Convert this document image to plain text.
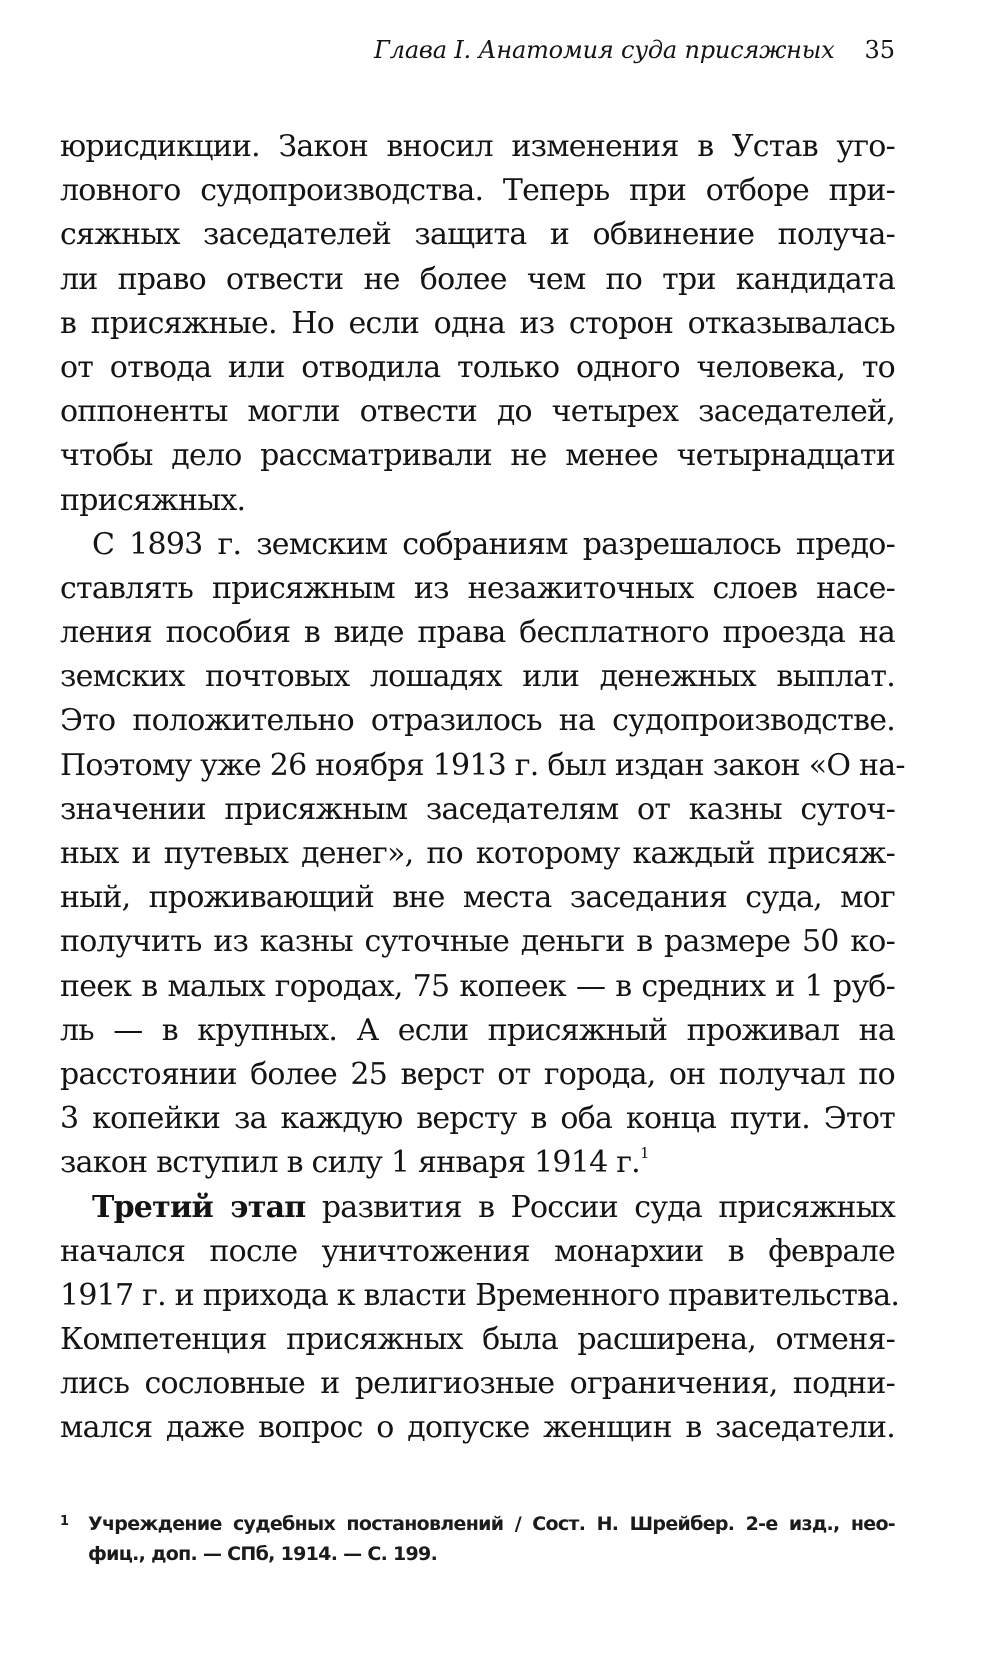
Глава I. Анатомия суда присяжных 35
юрисдикции. Закон вносил изменения в Устав уго-
ловного судопроизводства. Теперь при отборе при-
сяжных заседателей защита и обвинение получа-
ли право отвести не более чем по три кандидата
в присяжные. Но если одна из сторон отказывалась
от отвода или отводила только одного человека, то
оппоненты могли отвести до четырех заседателей,
чтобы дело рассматривали не менее четырнадцати
присяжных.
С 1893 г. земским собраниям разрешалось предо-
ставлять присяжным из незажиточных слоев насе-
ления пособия в виде права бесплатного проезда на
земских почтовых лошадях или денежных выплат.
Это положительно отразилось на судопроизводстве.
Поэтому уже 26 ноября 1913 г. был издан закон «О на-
значении присяжным заседателям от казны суточ-
ных и путевых денег», по которому каждый присяж-
ный, проживающий вне места заседания суда, мог
получить из казны суточные деньги в размере 50 ко-
пеек в малых городах, 75 копеек — в средних и 1 руб-
ль — в крупных. А если присяжный проживал на
расстоянии более 25 верст от города, он получал по
3 копейки за каждую версту в оба конца пути. Этот
закон вступил в силу 1 января 1914 г.$^1$
Третий этап развития в России суда присяжных
начался после уничтожения монархии в феврале
1917 г. и прихода к власти Временного правительства.
Компетенция присяжных была расширена, отменя-
лись сословные и религиозные ограничения, подни-
мался даже вопрос о допуске женщин в заседатели.
1	Учреждение судебных постановлений / Сост. Н. Шрейбер. 2-е изд., нео-
фиц., доп. — СПб, 1914. — С. 199.
